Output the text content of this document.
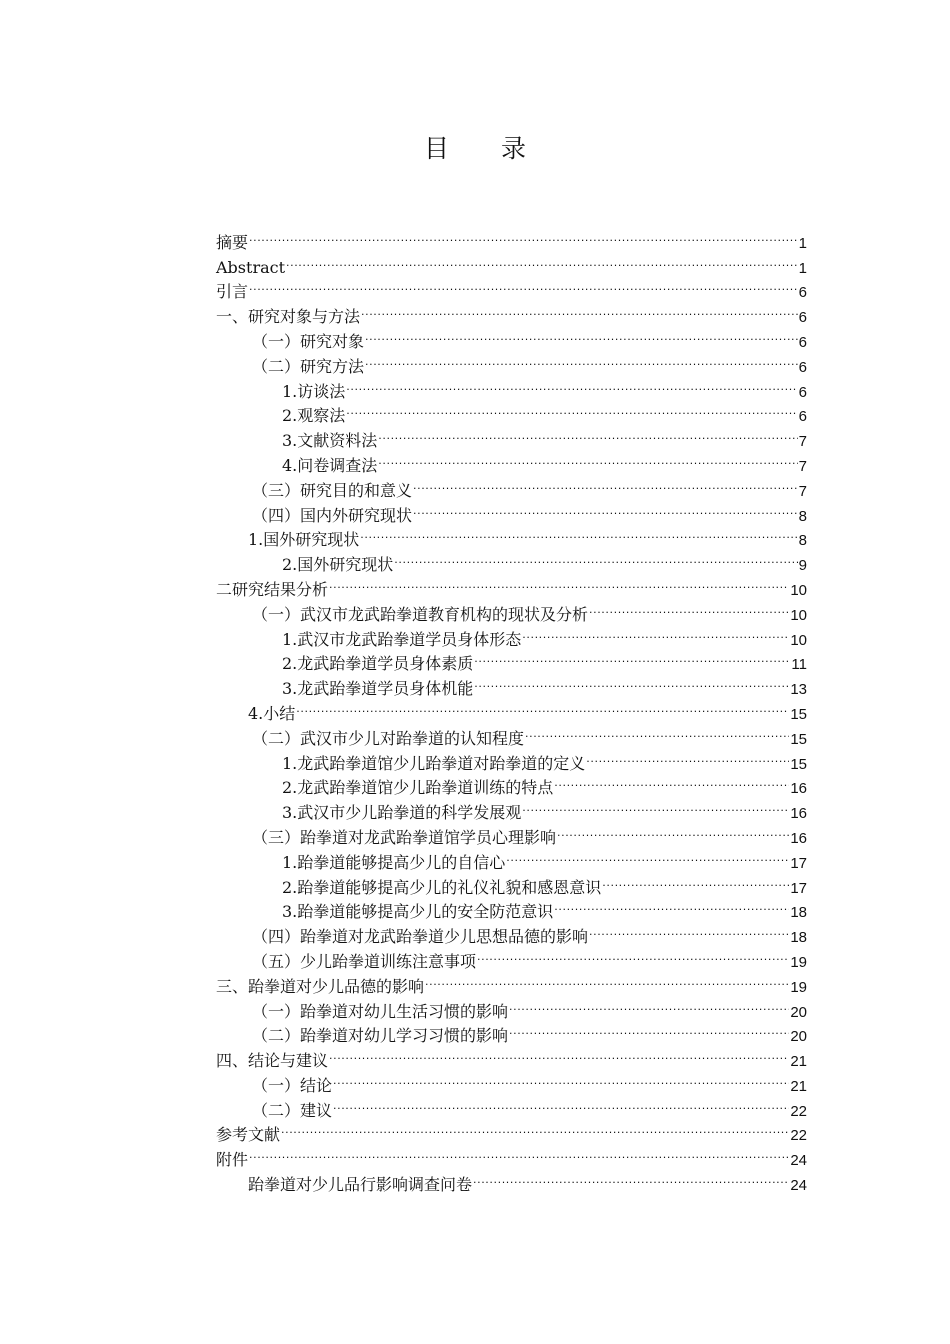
目 录
摘要 .....	1
Abstract .....	1
引言 .....	6
一、研究对象与方法 .....	6
（一）研究对象 .....	6
（二）研究方法 .....	6
1.访谈法 .....	6
2.观察法 .....	6
3.文献资料法 .....	7
4.问卷调查法 .....	7
（三）研究目的和意义 .....	7
（四）国内外研究现状 .....	8
1.国外研究现状 .....	8
2.国外研究现状 .....	9
二研究结果分析 .....	10
（一）武汉市龙武跆拳道教育机构的现状及分析 .....	10
1.武汉市龙武跆拳道学员身体形态 .....	10
2.龙武跆拳道学员身体素质 .....	11
3.龙武跆拳道学员身体机能 .....	13
4.小结 .....	15
（二）武汉市少儿对跆拳道的认知程度 .....	15
1.龙武跆拳道馆少儿跆拳道对跆拳道的定义 .....	15
2.龙武跆拳道馆少儿跆拳道训练的特点 .....	16
3.武汉市少儿跆拳道的科学发展观 .....	16
（三）跆拳道对龙武跆拳道馆学员心理影响 .....	16
1.跆拳道能够提高少儿的自信心 .....	17
2.跆拳道能够提高少儿的礼仪礼貌和感恩意识 .....	17
3.跆拳道能够提高少儿的安全防范意识 .....	18
（四）跆拳道对龙武跆拳道少儿思想品德的影响 .....	18
（五）少儿跆拳道训练注意事项 .....	19
三、跆拳道对少儿品德的影响 .....	19
（一）跆拳道对幼儿生活习惯的影响 .....	20
（二）跆拳道对幼儿学习习惯的影响 .....	20
四、结论与建议 .....	21
（一）结论 .....	21
（二）建议 .....	22
参考文献 .....	22
附件 .....	24
跆拳道对少儿品行影响调查问卷 .....	24
